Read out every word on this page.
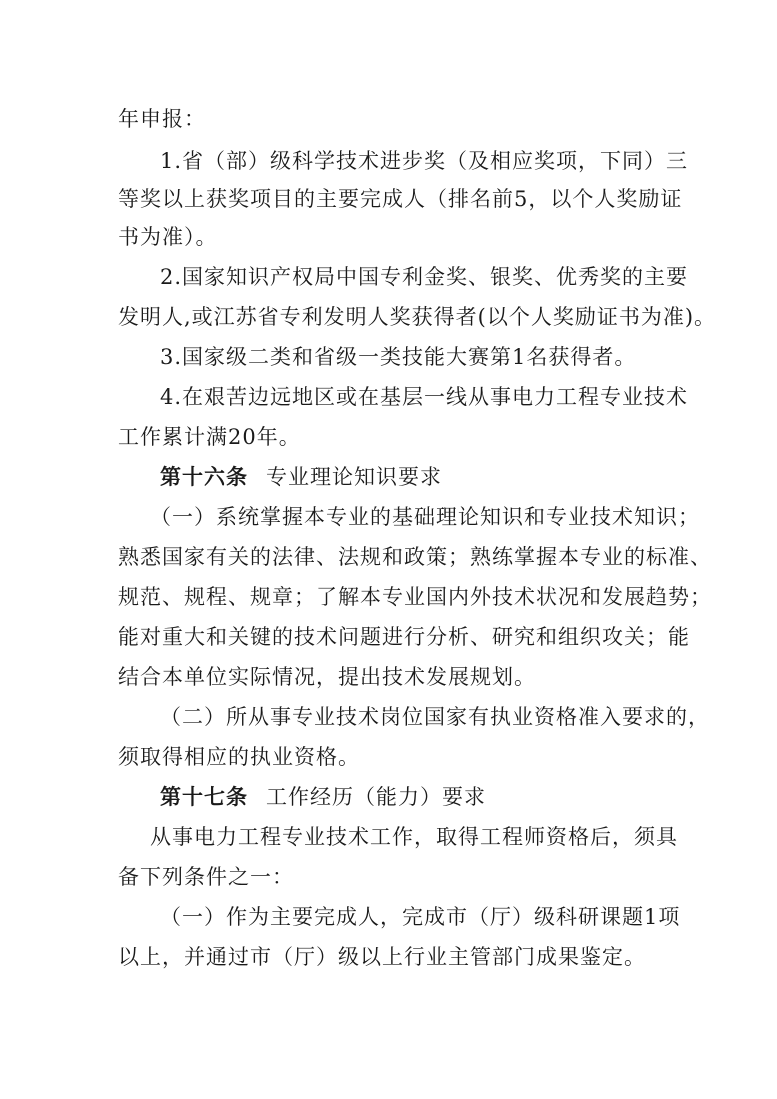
年申报：
1.省（部）级科学技术进步奖（及相应奖项，下同）三
等奖以上获奖项目的主要完成人（排名前5，以个人奖励证
书为准）。
2.国家知识产权局中国专利金奖、银奖、优秀奖的主要
发明人,或江苏省专利发明人奖获得者(以个人奖励证书为准)。
3.国家级二类和省级一类技能大赛第1名获得者。
4.在艰苦边远地区或在基层一线从事电力工程专业技术
工作累计满20年。
第十六条 专业理论知识要求
（一）系统掌握本专业的基础理论知识和专业技术知识；
熟悉国家有关的法律、法规和政策；熟练掌握本专业的标准、
规范、规程、规章；了解本专业国内外技术状况和发展趋势；
能对重大和关键的技术问题进行分析、研究和组织攻关；能
结合本单位实际情况，提出技术发展规划。
（二）所从事专业技术岗位国家有执业资格准入要求的，
须取得相应的执业资格。
第十七条 工作经历（能力）要求
从事电力工程专业技术工作，取得工程师资格后，须具
备下列条件之一：
（一）作为主要完成人，完成市（厅）级科研课题1项
以上，并通过市（厅）级以上行业主管部门成果鉴定。
